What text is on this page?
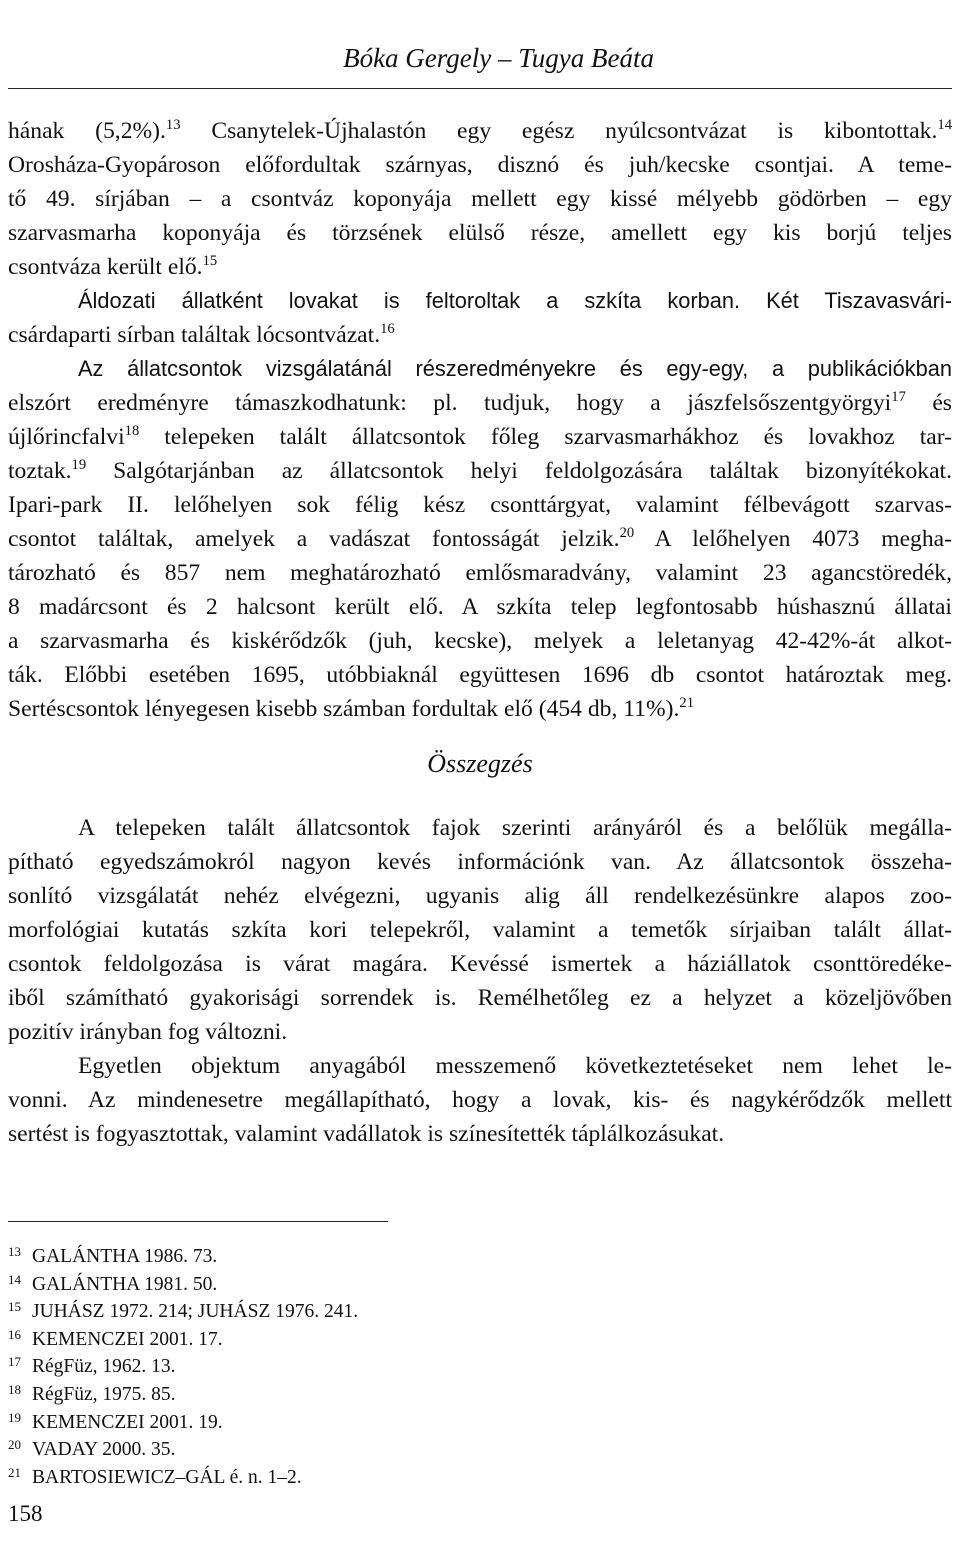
Bóka Gergely – Tugya Beáta
hának (5,2%).$^{13}$ Csanytelek-Újhalastón egy egész nyúlcsontvázat is kibontottak.$^{14}$
Orosháza-Gyopároson előfordultak szárnyas, disznó és juh/kecske csontjai. A teme-
tő 49. sírjában – a csontváz koponyája mellett egy kissé mélyebb gödörben – egy
szarvasmarha koponyája és törzsének elülső része, amellett egy kis borjú teljes
csontváza került elő.$^{15}$
Áldozati állatként lovakat is feltoroltak a szkíta korban. Két Tiszavasvári-
csárdaparti sírban találtak lócsontvázat.$^{16}$
Az állatcsontok vizsgálatánál részeredményekre és egy-egy, a publikációkban
elszórt eredményre támaszkodhatunk: pl. tudjuk, hogy a jászfelsőszentgyörgyi$^{17}$ és
újlőrincfalvi$^{18}$ telepeken talált állatcsontok főleg szarvasmarhákhoz és lovakhoz tar-
toztak.$^{19}$ Salgótarjánban az állatcsontok helyi feldolgozására találtak bizonyítékokat.
Ipari-park II. lelőhelyen sok félig kész csonttárgyat, valamint félbevágott szarvas-
csontot találtak, amelyek a vadászat fontosságát jelzik.$^{20}$ A lelőhelyen 4073 megha-
tározható és 857 nem meghatározható emlősmaradvány, valamint 23 agancstöredék,
8 madárcsont és 2 halcsont került elő. A szkíta telep legfontosabb húshasznú állatai
a szarvasmarha és kiskérődzők (juh, kecske), melyek a leletanyag 42-42%-át alkot-
ták. Előbbi esetében 1695, utóbbiaknál együttesen 1696 db csontot határoztak meg.
Sertéscsontok lényegesen kisebb számban fordultak elő (454 db, 11%).$^{21}$
Összegzés
A telepeken talált állatcsontok fajok szerinti arányáról és a belőlük megálla-
pítható egyedszámokról nagyon kevés információnk van. Az állatcsontok összeha-
sonlító vizsgálatát nehéz elvégezni, ugyanis alig áll rendelkezésünkre alapos zoo-
morfológiai kutatás szkíta kori telepekről, valamint a temetők sírjaiban talált állat-
csontok feldolgozása is várat magára. Kevéssé ismertek a háziállatok csonttöredéke-
iből számítható gyakorisági sorrendek is. Remélhetőleg ez a helyzet a közeljövőben
pozitív irányban fog változni.
Egyetlen objektum anyagából messzemenő következtetéseket nem lehet le-
vonni. Az mindenesetre megállapítható, hogy a lovak, kis- és nagykérődzők mellett
sertést is fogyasztottak, valamint vadállatok is színesítették táplálkozásukat.
13 GALÁNTHA 1986. 73.
14 GALÁNTHA 1981. 50.
15 JUHÁSZ 1972. 214; JUHÁSZ 1976. 241.
16 KEMENCZEI 2001. 17.
17 RégFüz, 1962. 13.
18 RégFüz, 1975. 85.
19 KEMENCZEI 2001. 19.
20 VADAY 2000. 35.
21 BARTOSIEWICZ–GÁL é. n. 1–2.
158
